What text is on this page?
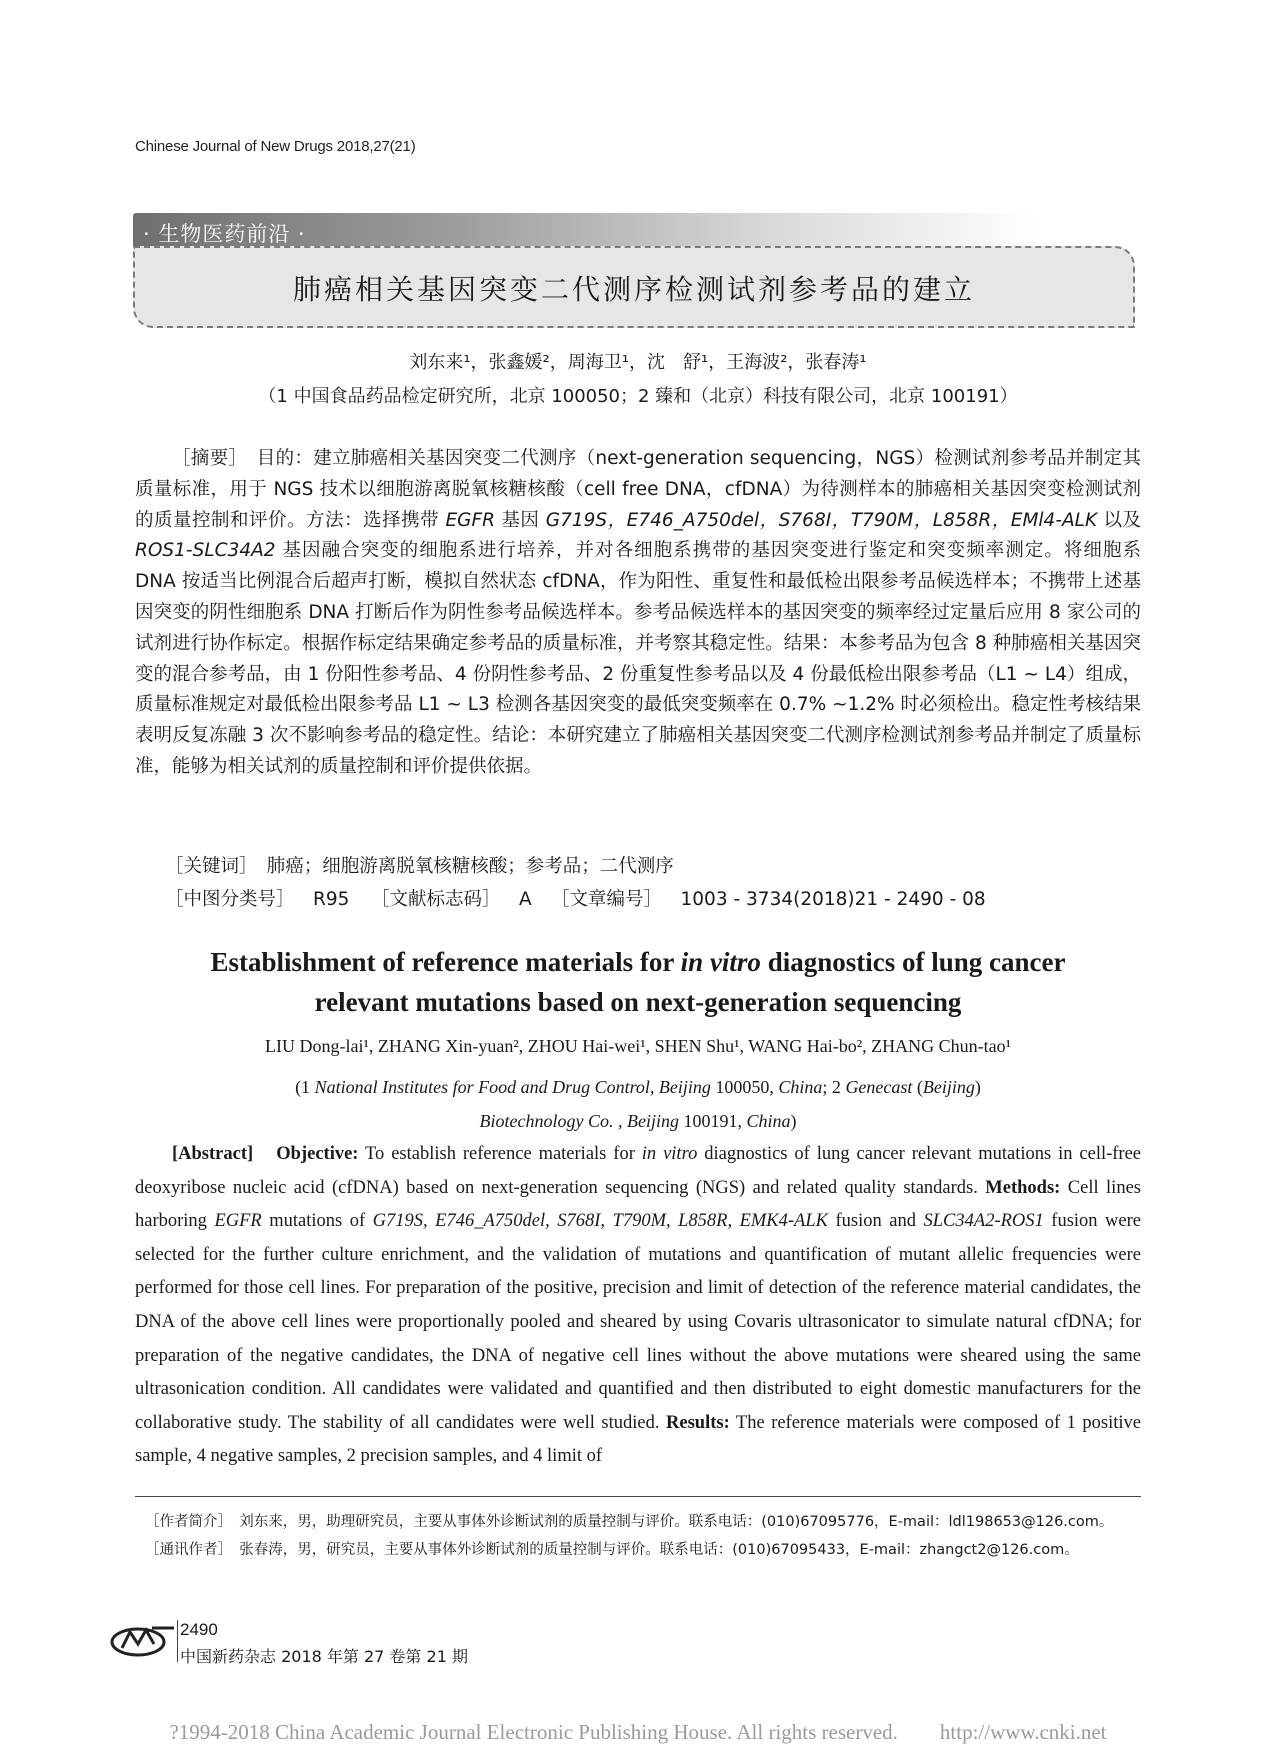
Chinese Journal of New Drugs 2018,27(21)
· 生物医药前沿 ·
肺癌相关基因突变二代测序检测试剂参考品的建立
刘东来¹，张鑫媛²，周海卫¹，沈　舒¹，王海波²，张春涛¹
（1 中国食品药品检定研究所，北京 100050；2 臻和（北京）科技有限公司，北京 100191）

［摘要］　目的：建立肺癌相关基因突变二代测序（next-generation sequencing，NGS）检测试剂参考品并制定其质量标准，用于 NGS 技术以细胞游离脱氧核糖核酸（cell free DNA，cfDNA）为待测样本的肺癌相关基因突变检测试剂的质量控制和评价。方法：选择携带 EGFR 基因 G719S，E746_A750del，S768I，T790M，L858R，EMl4-ALK 以及 ROS1-SLC34A2 基因融合突变的细胞系进行培养，并对各细胞系携带的基因突变进行鉴定和突变频率测定。将细胞系 DNA 按适当比例混合后超声打断，模拟自然状态 cfDNA，作为阳性、重复性和最低检出限参考品候选样本；不携带上述基因突变的阴性细胞系 DNA 打断后作为阴性参考品候选样本。参考品候选样本的基因突变的频率经过定量后应用 8 家公司的试剂进行协作标定。根据作标定结果确定参考品的质量标准，并考察其稳定性。结果：本参考品为包含 8 种肺癌相关基因突变的混合参考品，由 1 份阳性参考品、4 份阴性参考品、2 份重复性参考品以及 4 份最低检出限参考品（L1 ~ L4）组成，质量标准规定对最低检出限参考品 L1 ~ L3 检测各基因突变的最低突变频率在 0.7% ~1.2% 时必须检出。稳定性考核结果表明反复冻融 3 次不影响参考品的稳定性。结论：本研究建立了肺癌相关基因突变二代测序检测试剂参考品并制定了质量标准，能够为相关试剂的质量控制和评价提供依据。

［关键词］　肺癌；细胞游离脱氧核糖核酸；参考品；二代测序
［中图分类号］　R95 ［文献标志码］　A ［文章编号］　1003 - 3734(2018)21 - 2490 - 08
Establishment of reference materials for in vitro diagnostics of lung cancer
relevant mutations based on next-generation sequencing
LIU Dong-lai¹, ZHANG Xin-yuan², ZHOU Hai-wei¹, SHEN Shu¹, WANG Hai-bo², ZHANG Chun-tao¹
(1 National Institutes for Food and Drug Control, Beijing 100050, China; 2 Genecast (Beijing)
Biotechnology Co. , Beijing 100191, China)

[Abstract]　 Objective: To establish reference materials for in vitro diagnostics of lung cancer relevant mutations in cell-free deoxyribose nucleic acid (cfDNA) based on next-generation sequencing (NGS) and related quality standards. Methods: Cell lines harboring EGFR mutations of G719S, E746_A750del, S768I, T790M, L858R, EMK4-ALK fusion and SLC34A2-ROS1 fusion were selected for the further culture enrichment, and the validation of mutations and quantification of mutant allelic frequencies were performed for those cell lines. For preparation of the positive, precision and limit of detection of the reference material candidates, the DNA of the above cell lines were proportionally pooled and sheared by using Covaris ultrasonicator to simulate natural cfDNA; for preparation of the negative candidates, the DNA of negative cell lines without the above mutations were sheared using the same ultrasonication condition. All candidates were validated and quantified and then distributed to eight domestic manufacturers for the collaborative study. The stability of all candidates were well studied. Results: The reference materials were composed of 1 positive sample, 4 negative samples, 2 precision samples, and 4 limit of

［作者简介］　刘东来，男，助理研究员，主要从事体外诊断试剂的质量控制与评价。联系电话：(010)67095776，E-mail：ldl198653@126.com。
［通讯作者］　张春涛，男，研究员，主要从事体外诊断试剂的质量控制与评价。联系电话：(010)67095433，E-mail：zhangct2@126.com。
2490
中国新药杂志 2018 年第 27 卷第 21 期
?1994-2018 China Academic Journal Electronic Publishing House. All rights reserved.　　http://www.cnki.net
